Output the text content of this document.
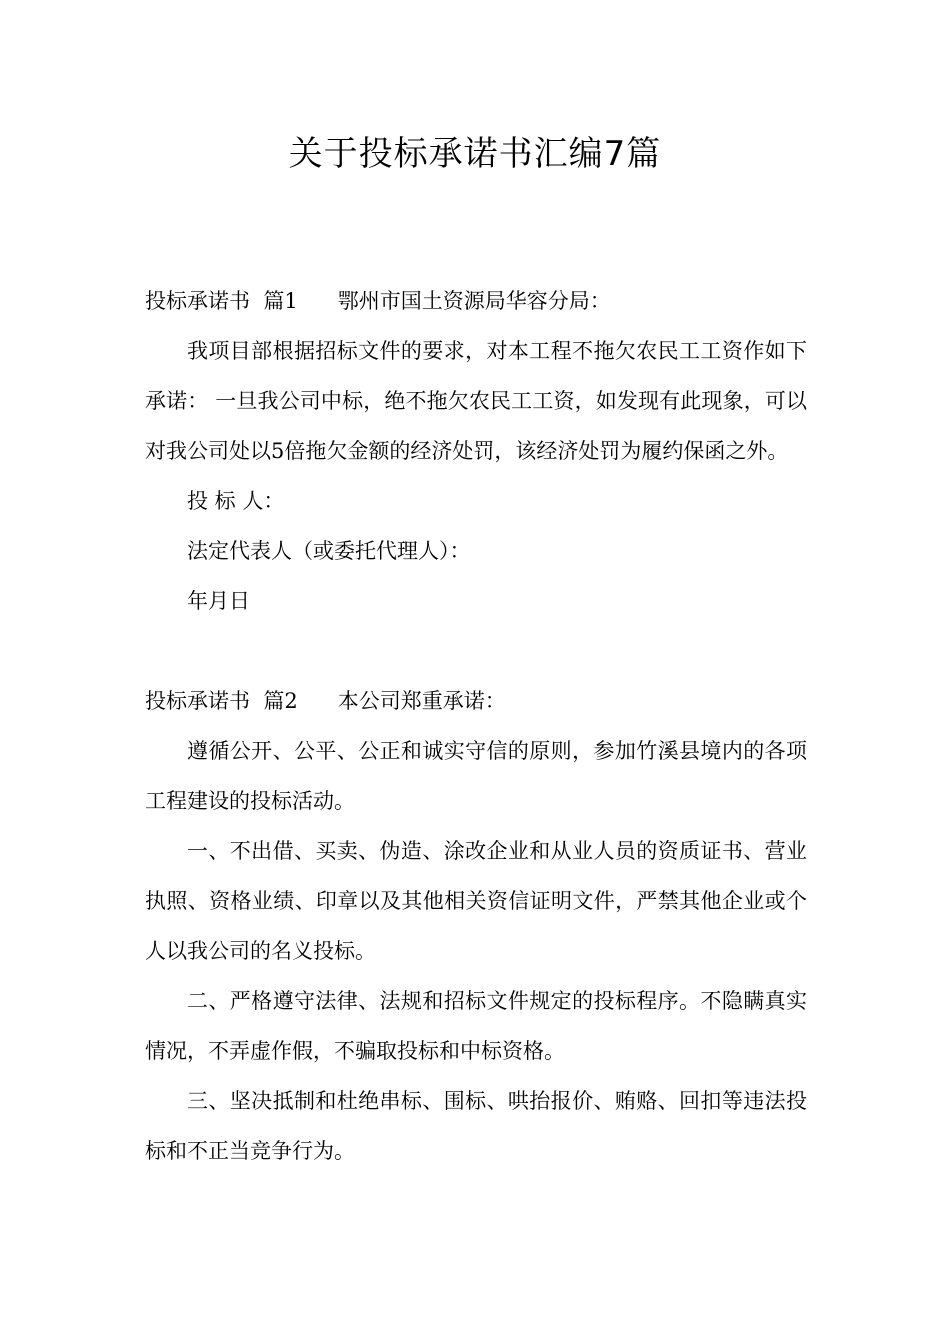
关于投标承诺书汇编7篇

投标承诺书  篇1      鄂州市国土资源局华容分局：

我项目部根据招标文件的要求，对本工程不拖欠农民工工资作如下承诺： 一旦我公司中标，绝不拖欠农民工工资，如发现有此现象，可以对我公司处以5倍拖欠金额的经济处罚，该经济处罚为履约保函之外。

投 标 人：

法定代表人（或委托代理人）：

年月日

投标承诺书  篇2      本公司郑重承诺：

遵循公开、公平、公正和诚实守信的原则，参加竹溪县境内的各项工程建设的投标活动。

一、不出借、买卖、伪造、涂改企业和从业人员的资质证书、营业执照、资格业绩、印章以及其他相关资信证明文件，严禁其他企业或个人以我公司的名义投标。

二、严格遵守法律、法规和招标文件规定的投标程序。不隐瞒真实情况，不弄虚作假，不骗取投标和中标资格。

三、坚决抵制和杜绝串标、围标、哄抬报价、贿赂、回扣等违法投标和不正当竞争行为。
